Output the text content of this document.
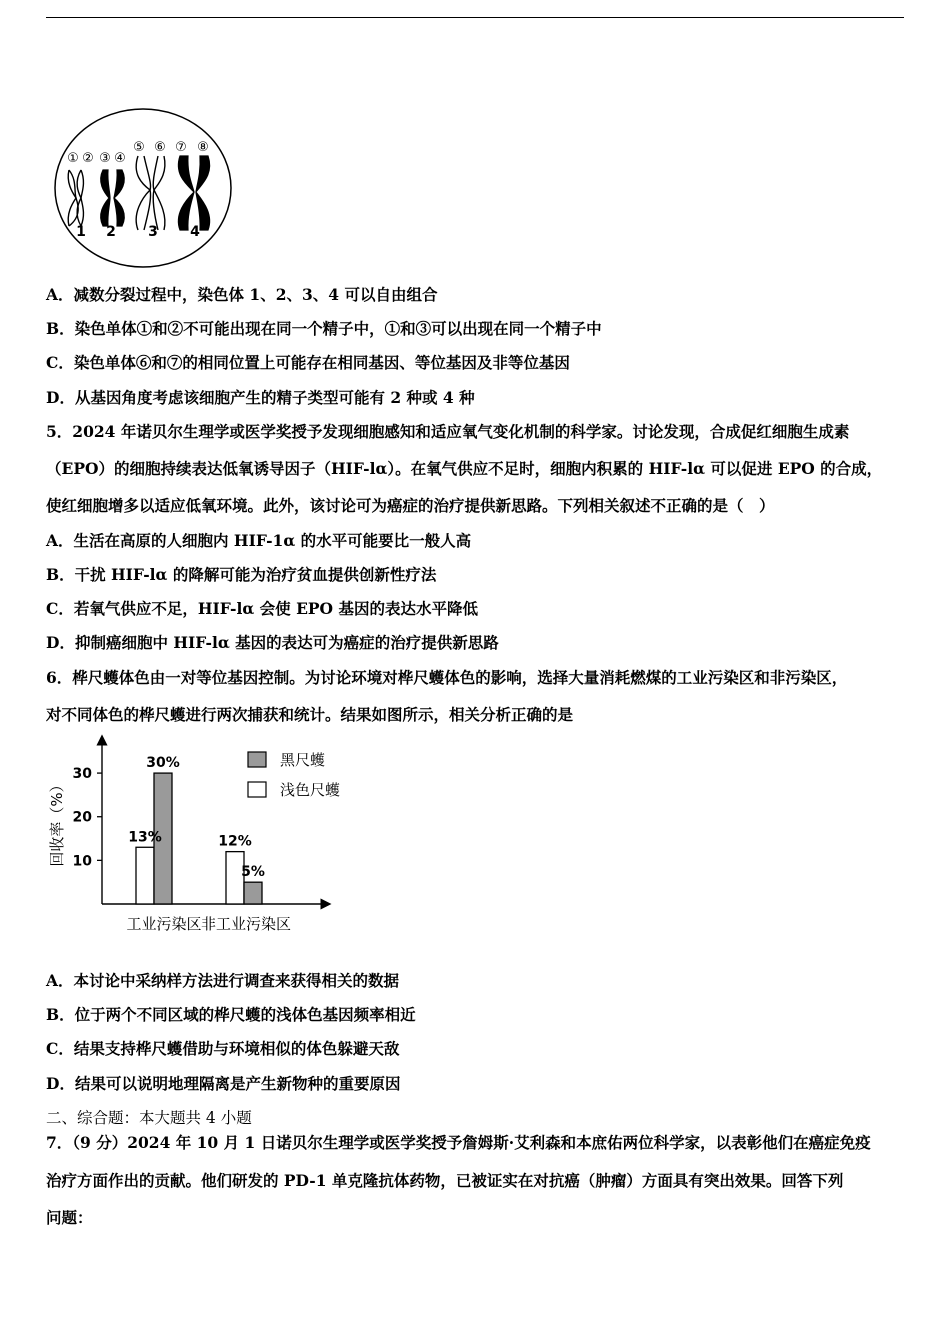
① ② ③ ④
⑤ ⑥ ⑦ ⑧
1 2 3 4
A．减数分裂过程中，染色体 1、2、3、4 可以自由组合
B．染色单体①和②不可能出现在同一个精子中，①和③可以出现在同一个精子中
C．染色单体⑥和⑦的相同位置上可能存在相同基因、等位基因及非等位基因
D．从基因角度考虑该细胞产生的精子类型可能有 2 种或 4 种
5．2024 年诺贝尔生理学或医学奖授予发现细胞感知和适应氧气变化机制的科学家。讨论发现，合成促红细胞生成素
（EPO）的细胞持续表达低氧诱导因子（HIF-lα）。在氧气供应不足时，细胞内积累的 HIF-lα 可以促进 EPO 的合成，
使红细胞增多以适应低氧环境。此外，该讨论可为癌症的治疗提供新思路。下列相关叙述不正确的是（　）
A．生活在高原的人细胞内 HIF-1α 的水平可能要比一般人高
B．干扰 HIF-lα 的降解可能为治疗贫血提供创新性疗法
C．若氧气供应不足，HIF-lα 会使 EPO 基因的表达水平降低
D．抑制癌细胞中 HIF-lα 基因的表达可为癌症的治疗提供新思路
6．桦尺蠖体色由一对等位基因控制。为讨论环境对桦尺蠖体色的影响，选择大量消耗燃煤的工业污染区和非污染区，
对不同体色的桦尺蠖进行两次捕获和统计。结果如图所示，相关分析正确的是
回收率（%） 10
20
30
13%
30%
12%
5%
工业污染区 非工业污染区
黑尺蠖
浅色尺蠖
A．本讨论中采纳样方法进行调查来获得相关的数据
B．位于两个不同区域的桦尺蠖的浅体色基因频率相近
C．结果支持桦尺蠖借助与环境相似的体色躲避天敌
D．结果可以说明地理隔离是产生新物种的重要原因
二、综合题：本大题共 4 小题
7．（9 分）2024 年 10 月 1 日诺贝尔生理学或医学奖授予詹姆斯·艾利森和本庶佑两位科学家，以表彰他们在癌症免疫
治疗方面作出的贡献。他们研发的 PD-1 单克隆抗体药物，已被证实在对抗癌（肿瘤）方面具有突出效果。回答下列
问题：
